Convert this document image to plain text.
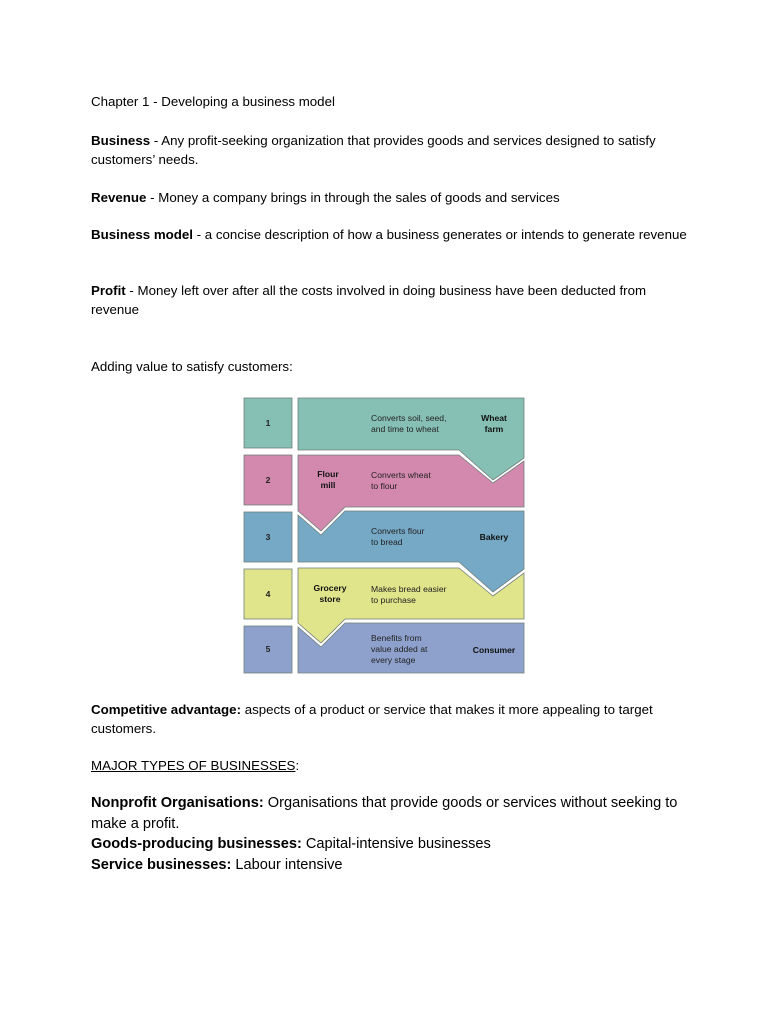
Chapter 1 - Developing a business model

Business - Any profit-seeking organization that provides goods and services designed to satisfy customers’ needs.

Revenue - Money a company brings in through the sales of goods and services

Business model - a concise description of how a business generates or intends to generate revenue

Profit - Money left over after all the costs involved in doing business have been deducted from revenue

Adding value to satisfy customers:

1
2
3
4
5
Converts soil, seed,
and time to wheat
Wheat
farm
Flour
mill
Converts wheat
to flour
Converts flour
to bread	Bakery
Grocery
store
Makes bread easier
to purchase
Benefits from
value added at
every stage
Consumer

Competitive advantage: aspects of a product or service that makes it more appealing to target customers.

MAJOR TYPES OF BUSINESSES:

Nonprofit Organisations: Organisations that provide goods or services without seeking to make a profit.

Goods-producing businesses: Capital-intensive businesses

Service businesses: Labour intensive
